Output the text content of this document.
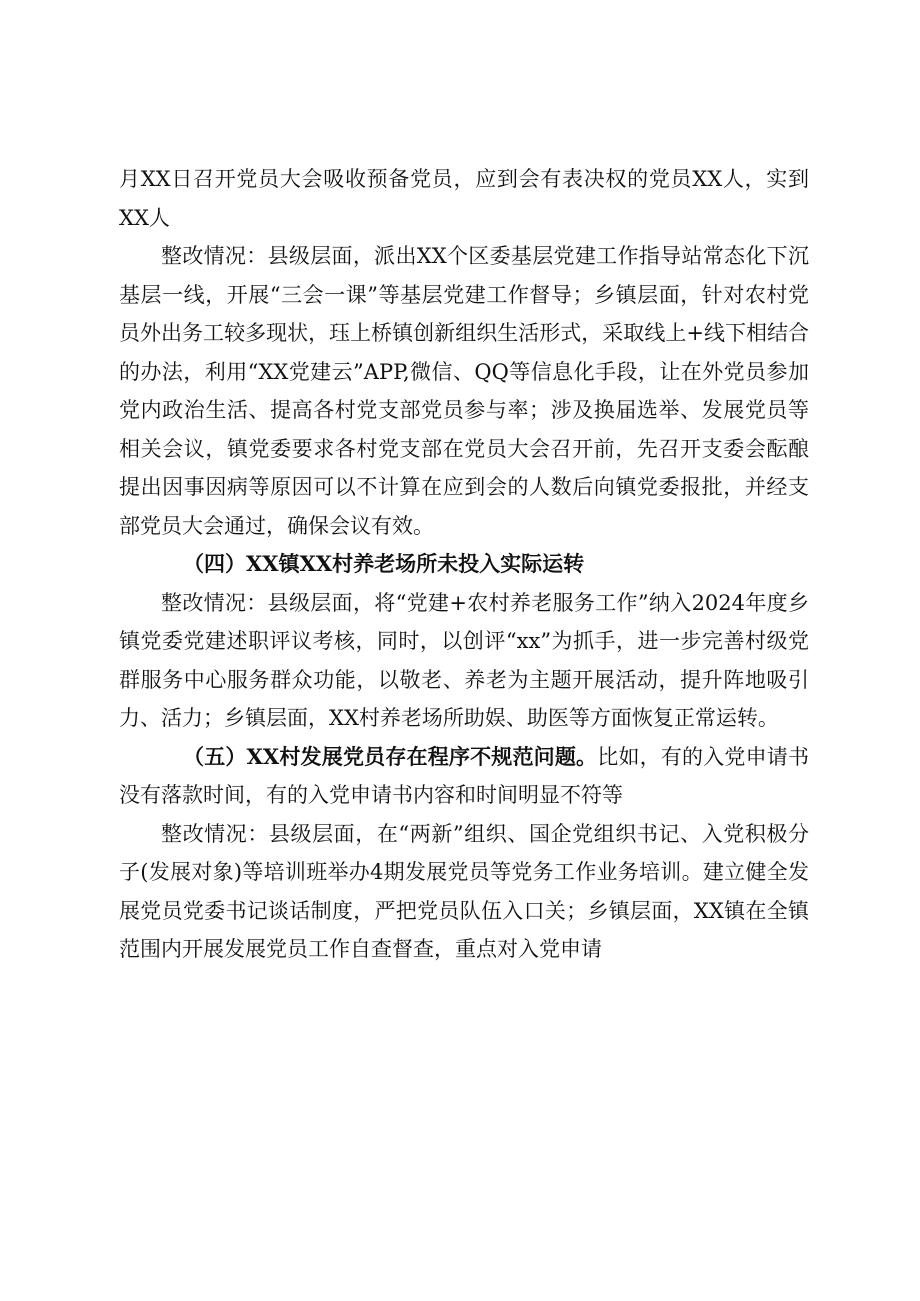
月XX日召开党员大会吸收预备党员，应到会有表决权的党员XX人，实到XX人

整改情况：县级层面，派出XX个区委基层党建工作指导站常态化下沉基层一线，开展“三会一课”等基层党建工作督导；乡镇层面，针对农村党员外出务工较多现状，珏上桥镇创新组织生活形式，采取线上+线下相结合的办法，利用“XX党建云”APP,微信、QQ等信息化手段，让在外党员参加党内政治生活、提高各村党支部党员参与率；涉及换届选举、发展党员等相关会议，镇党委要求各村党支部在党员大会召开前，先召开支委会酝酿提出因事因病等原因可以不计算在应到会的人数后向镇党委报批，并经支部党员大会通过，确保会议有效。

（四）XX镇XX村养老场所未投入实际运转

整改情况：县级层面，将“党建+农村养老服务工作”纳入2024年度乡镇党委党建述职评议考核，同时，以创评“xx”为抓手，进一步完善村级党群服务中心服务群众功能，以敬老、养老为主题开展活动，提升阵地吸引力、活力；乡镇层面，XX村养老场所助娱、助医等方面恢复正常运转。

（五）XX村发展党员存在程序不规范问题。比如，有的入党申请书没有落款时间，有的入党申请书内容和时间明显不符等

整改情况：县级层面，在“两新”组织、国企党组织书记、入党积极分子(发展对象)等培训班举办4期发展党员等党务工作业务培训。建立健全发展党员党委书记谈话制度，严把党员队伍入口关；乡镇层面，XX镇在全镇范围内开展发展党员工作自查督查，重点对入党申请
